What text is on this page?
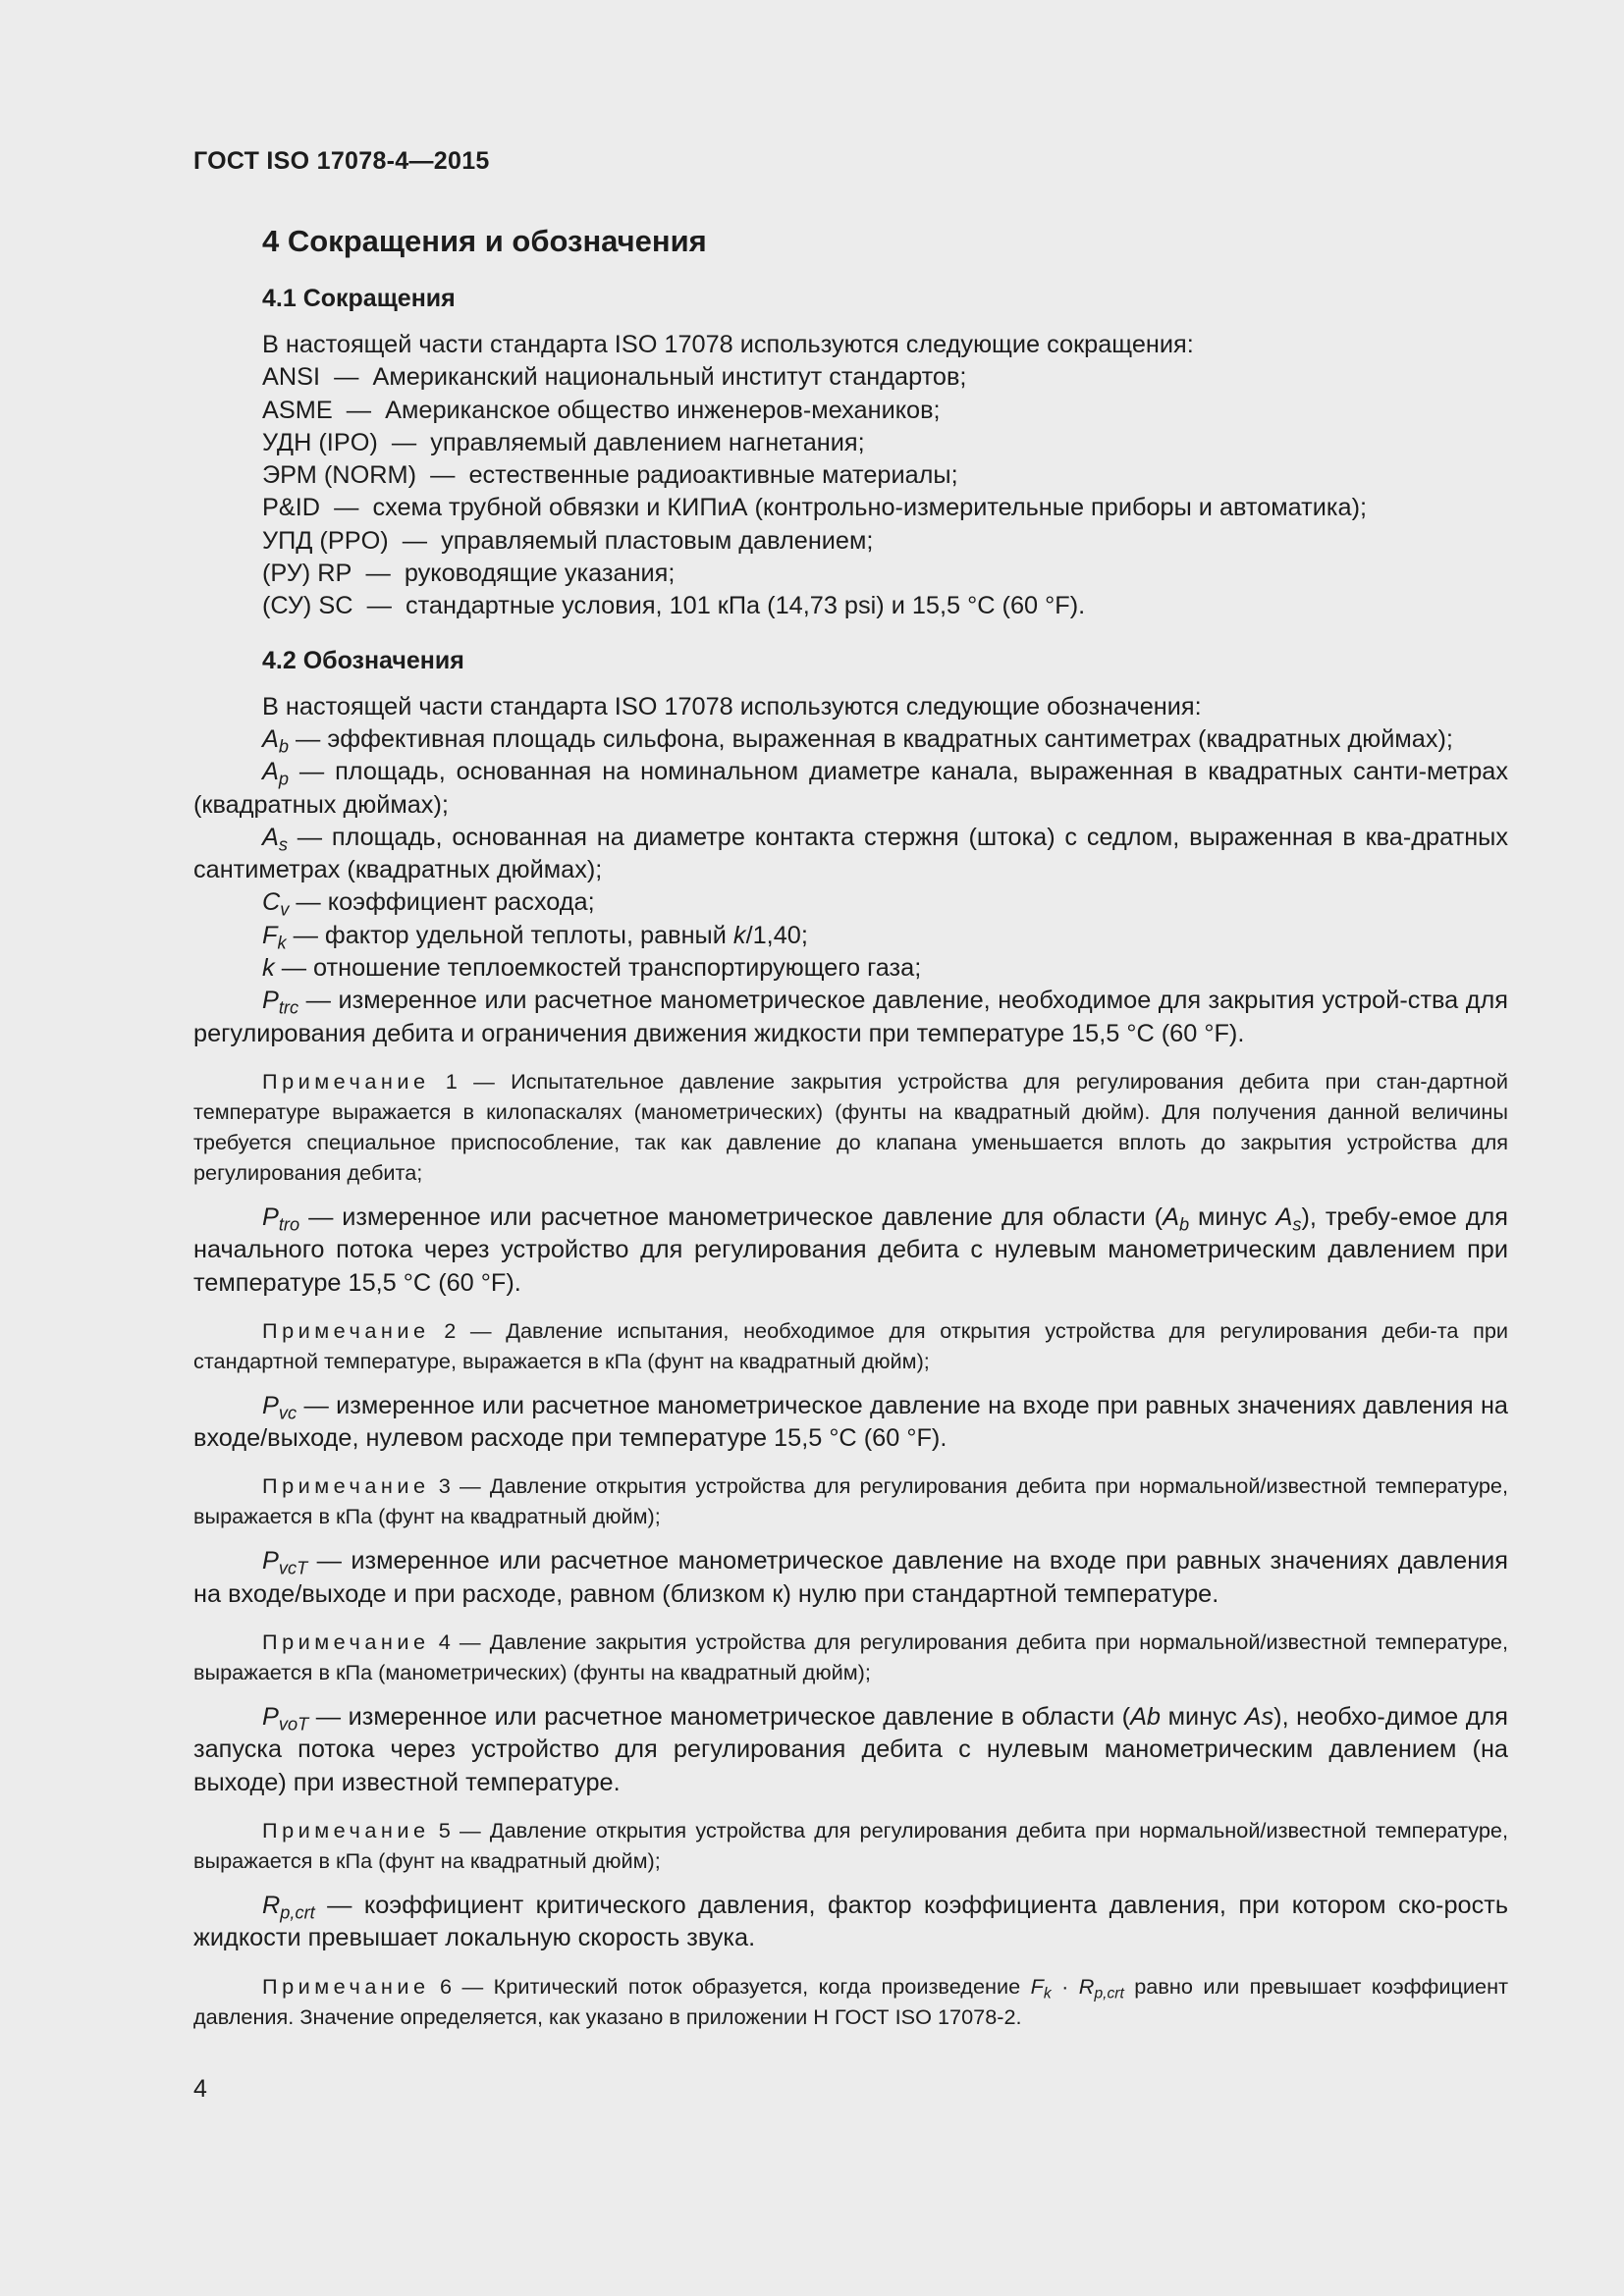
ГОСТ ISO 17078-4—2015

4 Сокращения и обозначения
4.1 Сокращения
В настоящей части стандарта ISO 17078 используются следующие сокращения:
ANSI — Американский национальный институт стандартов;
ASME — Американское общество инженеров-механиков;
УДН (IPO) — управляемый давлением нагнетания;
ЭРМ (NORM) — естественные радиоактивные материалы;
P&ID — схема трубной обвязки и КИПиА (контрольно-измерительные приборы и автоматика);
УПД (PPO) — управляемый пластовым давлением;
(РУ) RP — руководящие указания;
(СУ) SC — стандартные условия, 101 кПа (14,73 psi) и 15,5 °C (60 °F).
4.2 Обозначения

В настоящей части стандарта ISO 17078 используются следующие обозначения:

$A_b$ — эффективная площадь сильфона, выраженная в квадратных сантиметрах (квадратных дюймах);

$A_p$ — площадь, основанная на номинальном диаметре канала, выраженная в квадратных санти-метрах (квадратных дюймах);

$A_s$ — площадь, основанная на диаметре контакта стержня (штока) с седлом, выраженная в ква-дратных сантиметрах (квадратных дюймах);

$C_v$ — коэффициент расхода;

$F_k$ — фактор удельной теплоты, равный k/1,40;

k — отношение теплоемкостей транспортирующего газа;

$P_{trc}$ — измеренное или расчетное манометрическое давление, необходимое для закрытия устрой-ства для регулирования дебита и ограничения движения жидкости при температуре 15,5 °C (60 °F).

Примечание 1 — Испытательное давление закрытия устройства для регулирования дебита при стан-дартной температуре выражается в килопаскалях (манометрических) (фунты на квадратный дюйм). Для получения данной величины требуется специальное приспособление, так как давление до клапана уменьшается вплоть до закрытия устройства для регулирования дебита;

$P_{tro}$ — измеренное или расчетное манометрическое давление для области ($A_b$ минус $A_s$), требу-емое для начального потока через устройство для регулирования дебита с нулевым манометрическим давлением при температуре 15,5 °C (60 °F).

Примечание 2 — Давление испытания, необходимое для открытия устройства для регулирования деби-та при стандартной температуре, выражается в кПа (фунт на квадратный дюйм);

$P_{vc}$ — измеренное или расчетное манометрическое давление на входе при равных значениях давления на входе/выходе, нулевом расходе при температуре 15,5 °C (60 °F).

Примечание 3 — Давление открытия устройства для регулирования дебита при нормальной/известной температуре, выражается в кПа (фунт на квадратный дюйм);

$P_{vcT}$ — измеренное или расчетное манометрическое давление на входе при равных значениях давления на входе/выходе и при расходе, равном (близком к) нулю при стандартной температуре.

Примечание 4 — Давление закрытия устройства для регулирования дебита при нормальной/известной температуре, выражается в кПа (манометрических) (фунты на квадратный дюйм);

$P_{voT}$ — измеренное или расчетное манометрическое давление в области (Ab минус As), необхо-димое для запуска потока через устройство для регулирования дебита с нулевым манометрическим давлением (на выходе) при известной температуре.

Примечание 5 — Давление открытия устройства для регулирования дебита при нормальной/известной температуре, выражается в кПа (фунт на квадратный дюйм);

$R_{p,crt}$ — коэффициент критического давления, фактор коэффициента давления, при котором ско-рость жидкости превышает локальную скорость звука.

Примечание 6 — Критический поток образуется, когда произведение $F_k \cdot R_{p,crt}$ равно или превышает коэффициент давления. Значение определяется, как указано в приложении Н ГОСТ ISO 17078-2.

4
